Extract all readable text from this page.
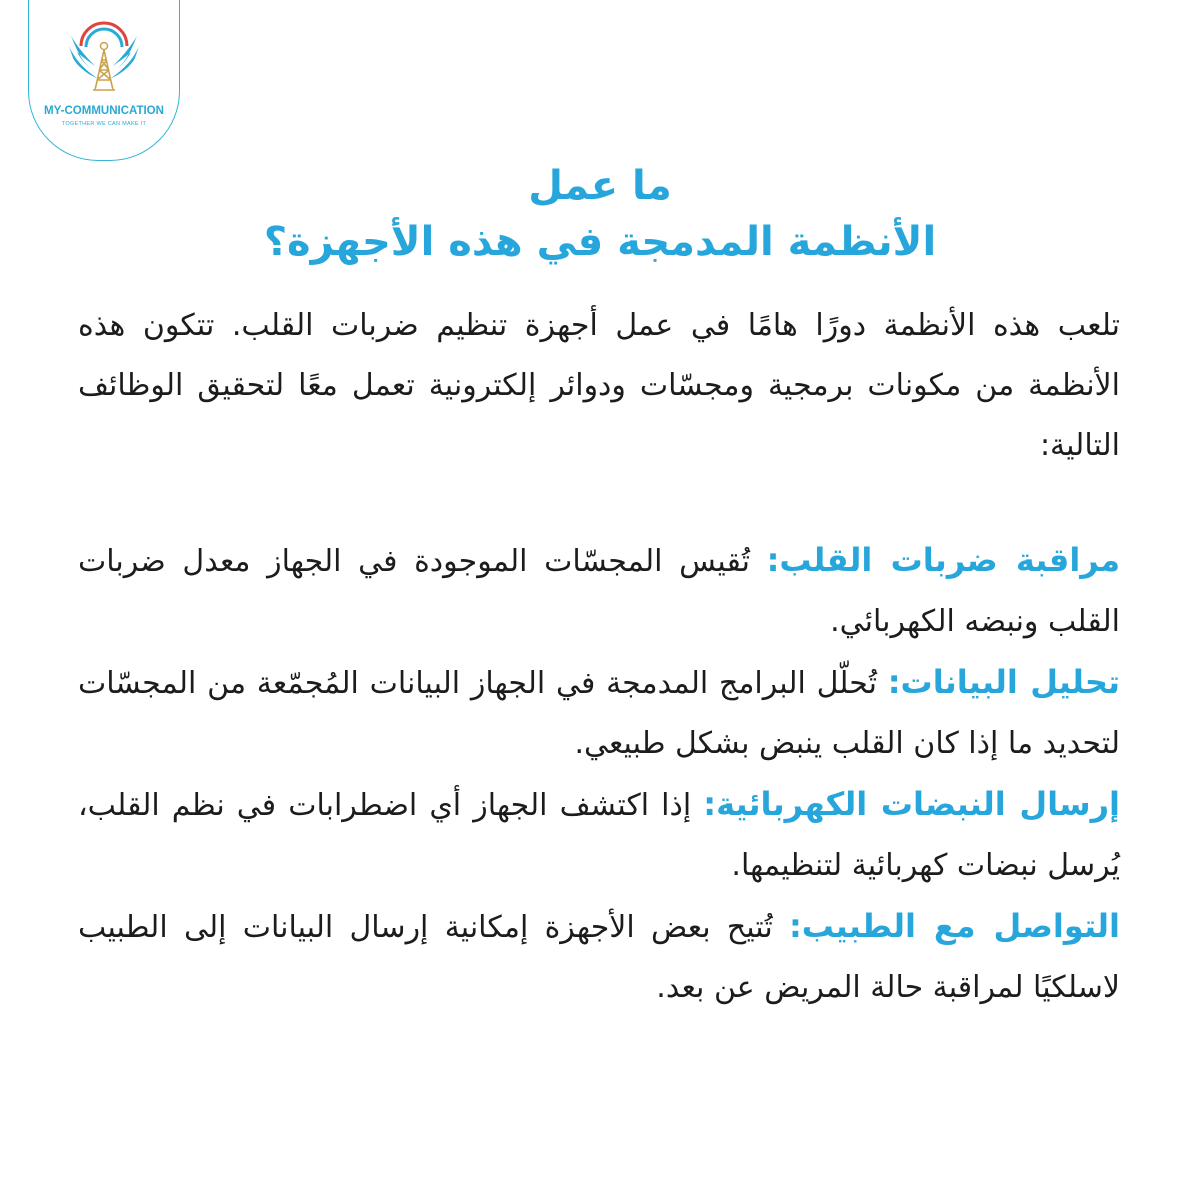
MY-COMMUNICATION
TOGETHER WE CAN MAKE IT
ما عمل
الأنظمة المدمجة في هذه الأجهزة؟

تلعب هذه الأنظمة دورًا هامًا في عمل أجهزة تنظيم ضربات القلب. تتكون هذه الأنظمة من مكونات برمجية ومجسّات ودوائر إلكترونية تعمل معًا لتحقيق الوظائف التالية:

مراقبة ضربات القلب: تُقيس المجسّات الموجودة في الجهاز معدل ضربات القلب ونبضه الكهربائي.

تحليل البيانات: تُحلّل البرامج المدمجة في الجهاز البيانات المُجمّعة من المجسّات لتحديد ما إذا كان القلب ينبض بشكل طبيعي.

إرسال النبضات الكهربائية: إذا اكتشف الجهاز أي اضطرابات في نظم القلب، يُرسل نبضات كهربائية لتنظيمها.

التواصل مع الطبيب: تُتيح بعض الأجهزة إمكانية إرسال البيانات إلى الطبيب لاسلكيًا لمراقبة حالة المريض عن بعد.
